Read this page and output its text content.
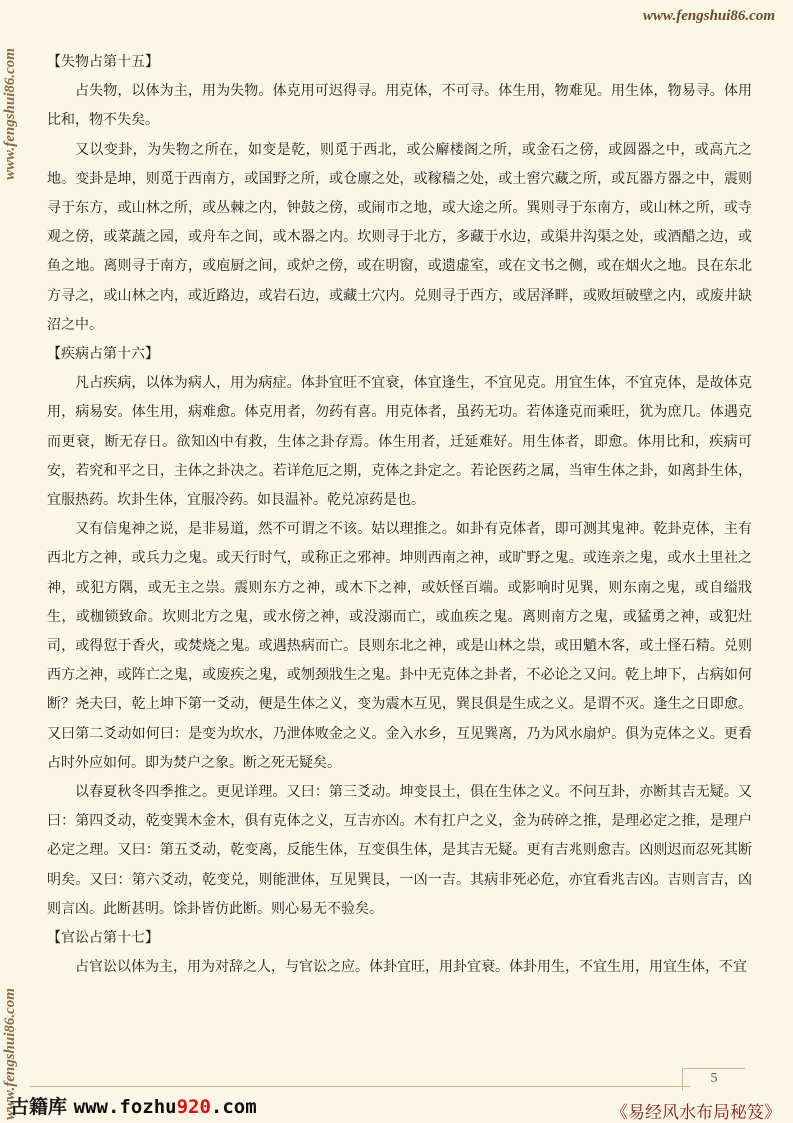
www.fengshui86.com
www.fengshui86.com
www.fengshui86.com

【失物占第十五】

占失物，以体为主，用为失物。体克用可迟得寻。用克体，不可寻。体生用，物难见。用生体，物易寻。体用比和，物不失矣。

又以变卦，为失物之所在，如变是乾，则觅于西北，或公廨楼阁之所，或金石之傍，或圆器之中，或高亢之地。变卦是坤，则觅于西南方，或国野之所，或仓廪之处，或稼穑之处，或土窖穴藏之所，或瓦器方器之中，震则寻于东方，或山林之所，或丛棘之内，钟鼓之傍，或闹市之地，或大途之所。巽则寻于东南方，或山林之所，或寺观之傍，或菜蔬之园，或舟车之间，或木器之内。坎则寻于北方，多藏于水边，或渠井沟渠之处，或酒醋之边，或鱼之地。离则寻于南方，或庖厨之间，或炉之傍，或在明窗，或遗虚室，或在文书之侧，或在烟火之地。艮在东北方寻之，或山林之内，或近路边，或岩石边，或藏土穴内。兑则寻于西方，或居泽畔，或败垣破壁之内，或废井缺沼之中。

【疾病占第十六】

凡占疾病，以体为病人，用为病症。体卦宜旺不宜衰，体宜逢生，不宜见克。用宜生体，不宜克体，是故体克用，病易安。体生用，病难愈。体克用者，勿药有喜。用克体者，虽药无功。若体逢克而乘旺，犹为庶几。体遇克而更衰，断无存日。欲知凶中有救，生体之卦存焉。体生用者，迁延难好。用生体者，即愈。体用比和，疾病可安，若究和平之日，主体之卦决之。若详危厄之期，克体之卦定之。若论医药之属，当审生体之卦，如离卦生体，宜服热药。坎卦生体，宜服冷药。如艮温补。乾兑凉药是也。

又有信鬼神之说，是非易道，然不可谓之不该。姑以理推之。如卦有克体者，即可测其鬼神。乾卦克体，主有西北方之神，或兵力之鬼。或天行时气，或称正之邪神。坤则西南之神，或旷野之鬼。或连亲之鬼，或水土里社之神，或犯方隅，或无主之祟。震则东方之神，或木下之神，或妖怪百端。或影响时见巽，则东南之鬼，或自缢戕生，或枷锁致命。坎则北方之鬼，或水傍之神，或没溺而亡，或血疾之鬼。离则南方之鬼，或猛勇之神，或犯灶司，或得愆于香火，或焚烧之鬼。或遇热病而亡。艮则东北之神，或是山林之祟，或田魈木客，或土怪石精。兑则西方之神，或阵亡之鬼，或废疾之鬼，或刎颈戕生之鬼。卦中无克体之卦者，不必论之又问。乾上坤下，占病如何断？尧夫曰，乾上坤下第一爻动，便是生体之义，变为震木互见，巽艮俱是生成之义。是谓不灭。逢生之日即愈。又曰第二爻动如何曰：是变为坎水，乃泄体败金之义。金入水乡，互见巽离，乃为风水扇炉。俱为克体之义。更看占时外应如何。即为焚户之象。断之死无疑矣。

以春夏秋冬四季推之。更见详理。又曰：第三爻动。坤变艮土，俱在生体之义。不问互卦，亦断其吉无疑。又曰：第四爻动，乾变巽木金木，俱有克体之义，互吉亦凶。木有扛户之义，金为砖碎之推，是理必定之推，是理户必定之理。又曰：第五爻动，乾变离，反能生体，互变俱生体，是其吉无疑。更有吉兆则愈吉。凶则迟而忍死其断明矣。又曰：第六爻动，乾变兑，则能泄体，互见巽艮，一凶一吉。其病非死必危，亦宜看兆吉凶。吉则言吉，凶则言凶。此断甚明。馀卦皆仿此断。则心易无不验矣。

【官讼占第十七】

占官讼以体为主，用为对辞之人，与官讼之应。体卦宜旺，用卦宜衰。体卦用生，不宜生用，用宜生体，不宜

5
古籍库 www.fozhu920.com	《易经风水布局秘笈》
